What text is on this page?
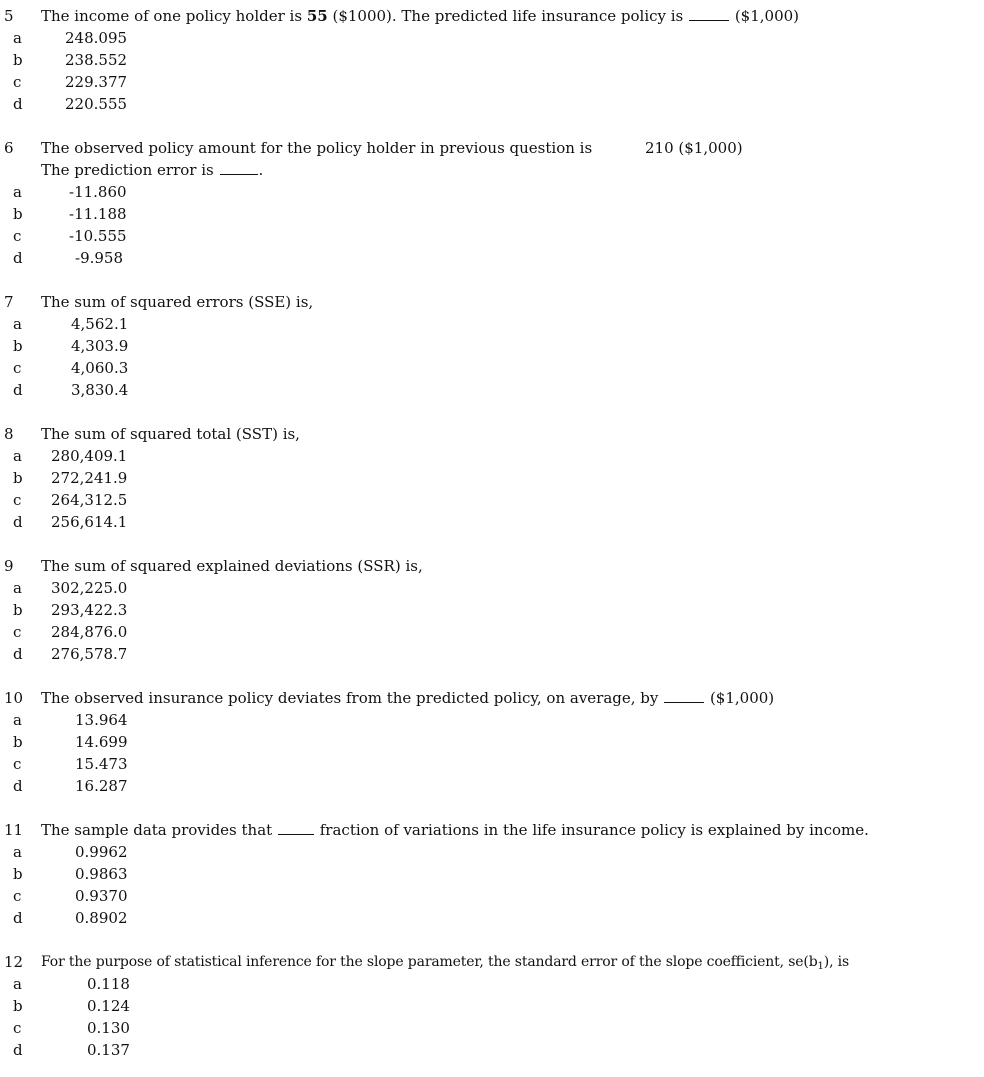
5 The income of one policy holder is 55 ($1000). The predicted life insurance policy is	($1,000)
a	248.095
b	238.552
c	229.377
d	220.555
6 The observed policy amount for the policy holder in previous question is	210 ($1,000)
The prediction error is	.
a	-11.860
b	-11.188
c	-10.555
d	-9.958
7 The sum of squared errors (SSE) is,
a	4,562.1
b	4,303.9
c	4,060.3
d	3,830.4
8 The sum of squared total (SST) is,
a 280,409.1
b 272,241.9
c 264,312.5
d 256,614.1
9 The sum of squared explained deviations (SSR) is,
a 302,225.0
b 293,422.3
c 284,876.0
d 276,578.7
10 The observed insurance policy deviates from the predicted policy, on average, by	($1,000)
a	13.964
b	14.699
c	15.473
d	16.287
11 The sample data provides that	fraction of variations in the life insurance policy is explained by income.
a	0.9962
b	0.9863
c	0.9370
d	0.8902
12 For the purpose of statistical inference for the slope parameter, the standard error of the slope coefficient, $se(b_1)$, is
a	0.118
b	0.124
c	0.130
d	0.137
